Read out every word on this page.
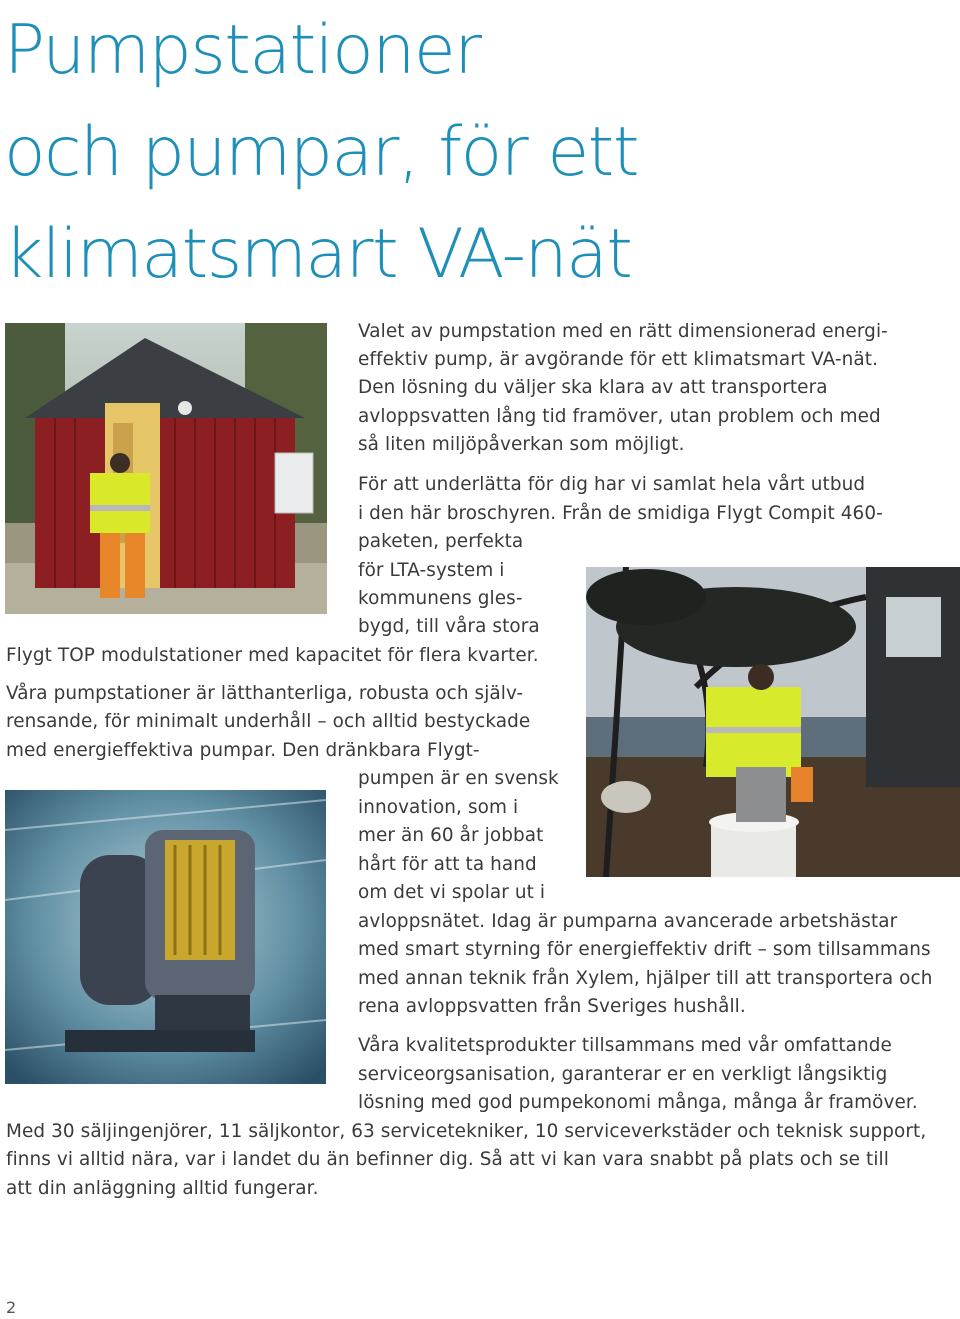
Pumpstationer
och pumpar, för ett
klimatsmart VA-nät
Valet av pumpstation med en rätt dimensionerad energi-
effektiv pump, är avgörande för ett klimatsmart VA-nät.
Den lösning du väljer ska klara av att transportera
avloppsvatten lång tid framöver, utan problem och med
så liten miljöpåverkan som möjligt.
För att underlätta för dig har vi samlat hela vårt utbud
i den här broschyren. Från de smidiga Flygt Compit 460-
paketen, perfekta
för LTA-system i
kommunens gles-
bygd, till våra stora
Flygt TOP modulstationer med kapacitet för flera kvarter.
Våra pumpstationer är lätthanterliga, robusta och själv-
rensande, för minimalt underhåll – och alltid bestyckade
med energieffektiva pumpar. Den dränkbara Flygt-
pumpen är en svensk
innovation, som i
mer än 60 år jobbat
hårt för att ta hand
om det vi spolar ut i
avloppsnätet. Idag är pumparna avancerade arbetshästar
med smart styrning för energieffektiv drift – som tillsammans
med annan teknik från Xylem, hjälper till att transportera och
rena avloppsvatten från Sveriges hushåll.
Våra kvalitetsprodukter tillsammans med vår omfattande
serviceorgsanisation, garanterar er en verkligt långsiktig
lösning med god pumpekonomi många, många år framöver.
Med 30 säljingenjörer, 11 säljkontor, 63 servicetekniker, 10 serviceverkstäder och teknisk support,
finns vi alltid nära, var i landet du än befinner dig. Så att vi kan vara snabbt på plats och se till
att din anläggning alltid fungerar.
2
